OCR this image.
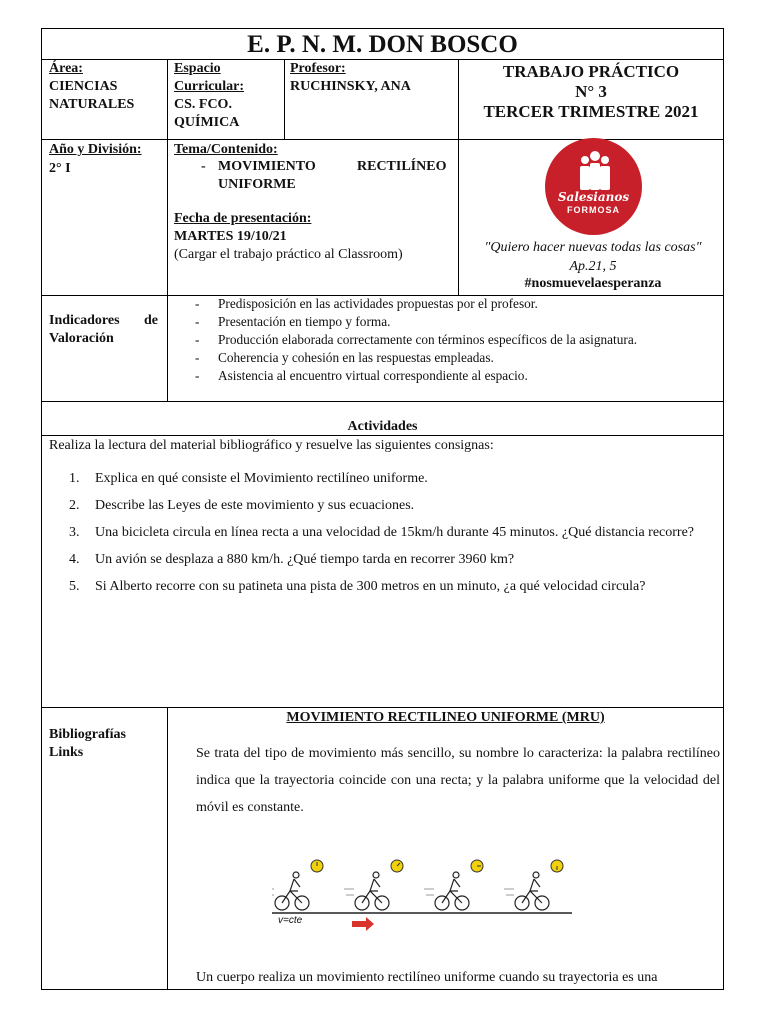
E. P. N. M. DON BOSCO
Área:
CIENCIAS
NATURALES
Espacio
Curricular:
CS. FCO.
QUÍMICA
Profesor:
RUCHINSKY, ANA
TRABAJO PRÁCTICO
N° 3
TERCER TRIMESTRE 2021
Año y División:
2° I
Tema/Contenido:
- MOVIMIENTO	RECTILÍNEO
UNIFORME
Fecha de presentación:
MARTES 19/10/21
(Cargar el trabajo práctico al Classroom)
Salesianos
FORMOSA
"Quiero hacer nuevas todas las cosas"
Ap.21, 5
#nosmuevelaesperanza
Indicadores de
Valoración
- Predisposición en las actividades propuestas por el profesor.
- Presentación en tiempo y forma.
- Producción elaborada correctamente con términos específicos de la asignatura.
- Coherencia y cohesión en las respuestas empleadas.
- Asistencia al encuentro virtual correspondiente al espacio.
Actividades
Realiza la lectura del material bibliográfico y resuelve las siguientes consignas:
1. Explica en qué consiste el Movimiento rectilíneo uniforme.
2. Describe las Leyes de este movimiento y sus ecuaciones.
3. Una bicicleta circula en línea recta a una velocidad de 15km/h durante 45 minutos. ¿Qué distancia recorre?
4. Un avión se desplaza a 880 km/h. ¿Qué tiempo tarda en recorrer 3960 km?
5. Si Alberto recorre con su patineta una pista de 300 metros en un minuto, ¿a qué velocidad circula?
Bibliografías
Links
MOVIMIENTO RECTILINEO UNIFORME (MRU)
Se trata del tipo de movimiento más sencillo, su nombre lo caracteriza: la palabra rectilíneo indica que la trayectoria coincide con una recta; y la palabra uniforme que la velocidad del móvil es constante.
v=cte
Un cuerpo realiza un movimiento rectilíneo uniforme cuando su trayectoria es una
